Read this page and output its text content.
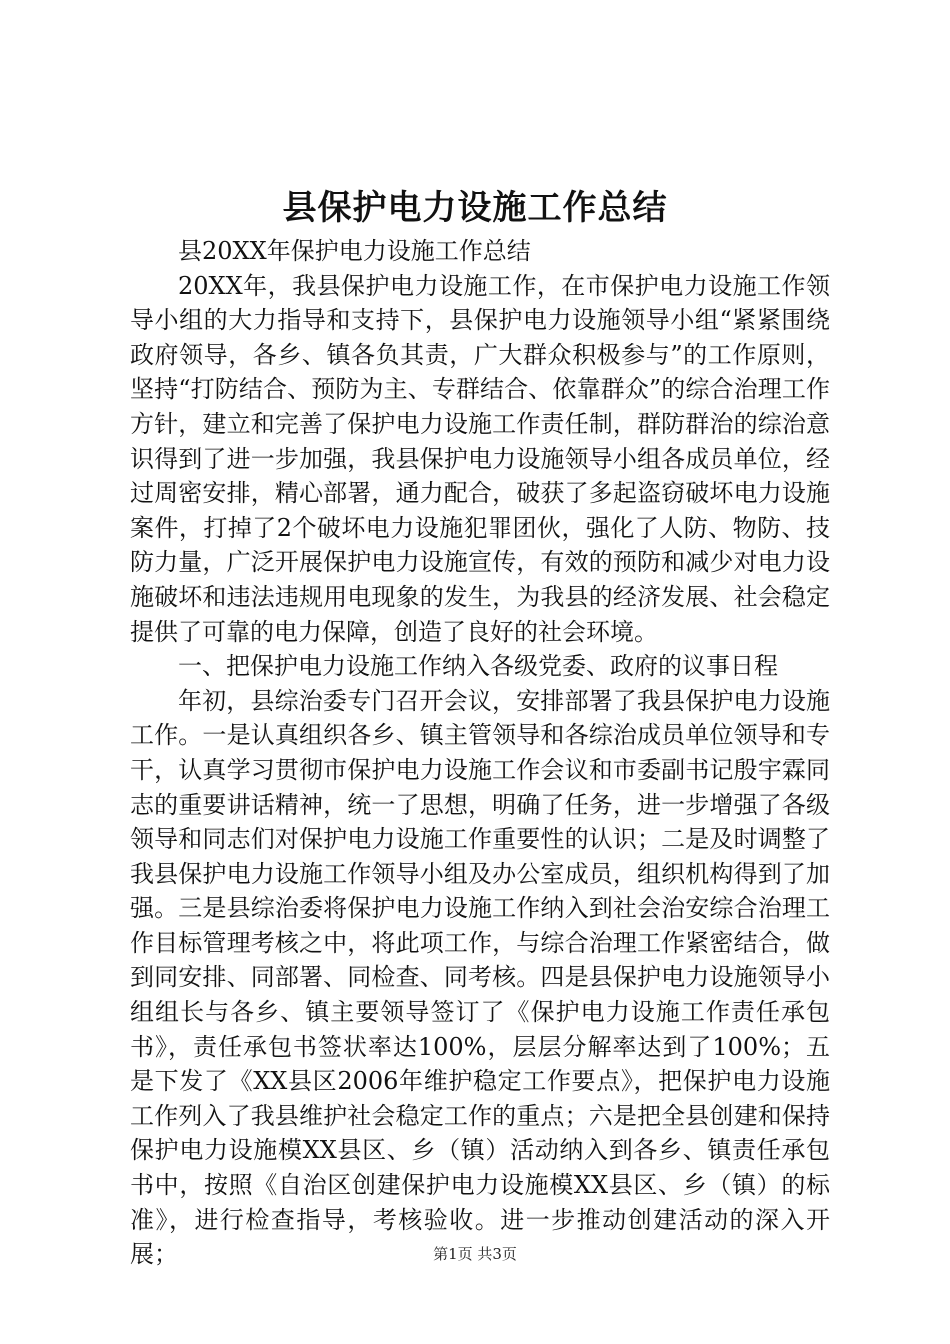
县保护电力设施工作总结

县20XX年保护电力设施工作总结

20XX年，我县保护电力设施工作，在市保护电力设施工作领导小组的大力指导和支持下，县保护电力设施领导小组“紧紧围绕政府领导，各乡、镇各负其责，广大群众积极参与”的工作原则，坚持“打防结合、预防为主、专群结合、依靠群众”的综合治理工作方针，建立和完善了保护电力设施工作责任制，群防群治的综治意识得到了进一步加强，我县保护电力设施领导小组各成员单位，经过周密安排，精心部署，通力配合，破获了多起盗窃破坏电力设施案件，打掉了2个破坏电力设施犯罪团伙，强化了人防、物防、技防力量，广泛开展保护电力设施宣传，有效的预防和减少对电力设施破坏和违法违规用电现象的发生，为我县的经济发展、社会稳定提供了可靠的电力保障，创造了良好的社会环境。

一、把保护电力设施工作纳入各级党委、政府的议事日程

年初，县综治委专门召开会议，安排部署了我县保护电力设施工作。一是认真组织各乡、镇主管领导和各综治成员单位领导和专干，认真学习贯彻市保护电力设施工作会议和市委副书记殷宇霖同志的重要讲话精神，统一了思想，明确了任务，进一步增强了各级领导和同志们对保护电力设施工作重要性的认识；二是及时调整了我县保护电力设施工作领导小组及办公室成员，组织机构得到了加强。三是县综治委将保护电力设施工作纳入到社会治安综合治理工作目标管理考核之中，将此项工作，与综合治理工作紧密结合，做到同安排、同部署、同检查、同考核。四是县保护电力设施领导小组组长与各乡、镇主要领导签订了《保护电力设施工作责任承包书》，责任承包书签状率达100%，层层分解率达到了100%；五是下发了《XX县区2006年维护稳定工作要点》，把保护电力设施工作列入了我县维护社会稳定工作的重点；六是把全县创建和保持保护电力设施模XX县区、乡（镇）活动纳入到各乡、镇责任承包书中，按照《自治区创建保护电力设施模XX县区、乡（镇）的标准》，进行检查指导，考核验收。进一步推动创建活动的深入开展；	第1页 共3页
